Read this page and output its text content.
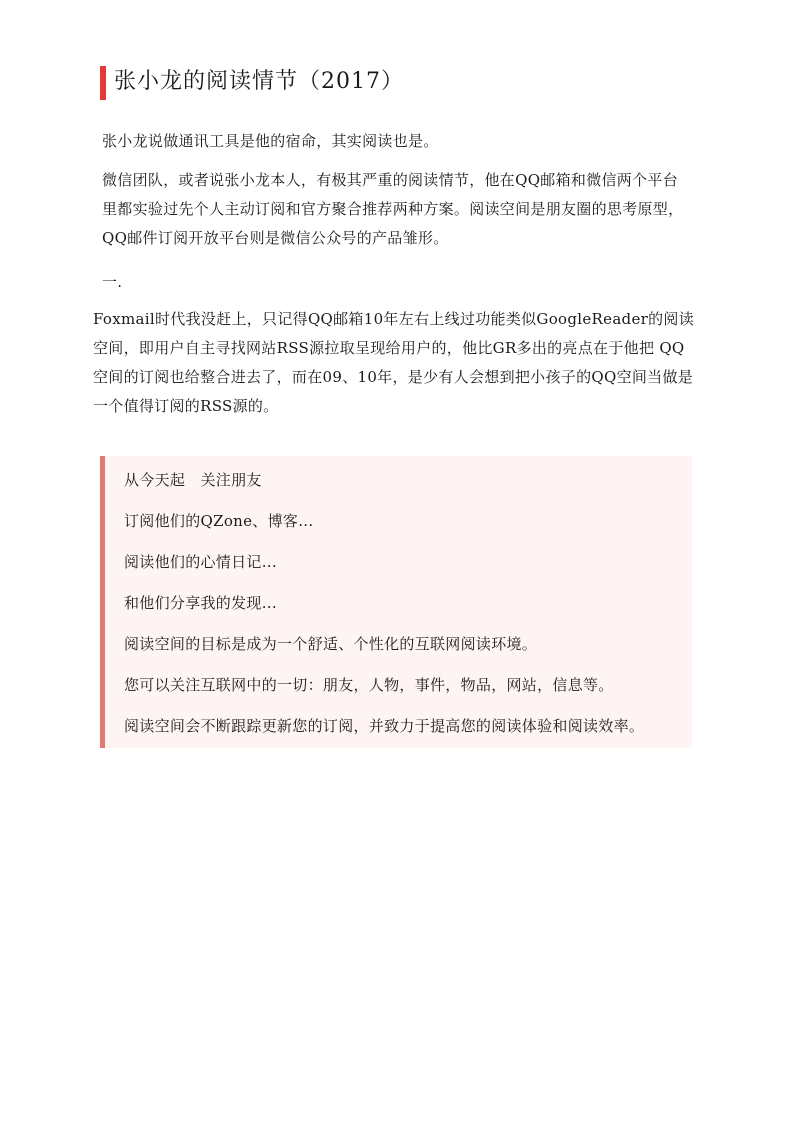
张小龙的阅读情节（2017）
张小龙说做通讯工具是他的宿命，其实阅读也是。
微信团队，或者说张小龙本人，有极其严重的阅读情节，他在QQ邮箱和微信两个平台里都实验过先个人主动订阅和官方聚合推荐两种方案。阅读空间是朋友圈的思考原型，QQ邮件订阅开放平台则是微信公众号的产品雏形。
一.
Foxmail时代我没赶上，只记得QQ邮箱10年左右上线过功能类似GoogleReader的阅读空间，即用户自主寻找网站RSS源拉取呈现给用户的，他比GR多出的亮点在于他把 QQ空间的订阅也给整合进去了，而在09、10年，是少有人会想到把小孩子的QQ空间当做是一个值得订阅的RSS源的。
从今天起　关注朋友
订阅他们的QZone、博客...
阅读他们的心情日记...
和他们分享我的发现...
阅读空间的目标是成为一个舒适、个性化的互联网阅读环境。
您可以关注互联网中的一切：朋友，人物，事件，物品，网站，信息等。
阅读空间会不断跟踪更新您的订阅，并致力于提高您的阅读体验和阅读效率。
